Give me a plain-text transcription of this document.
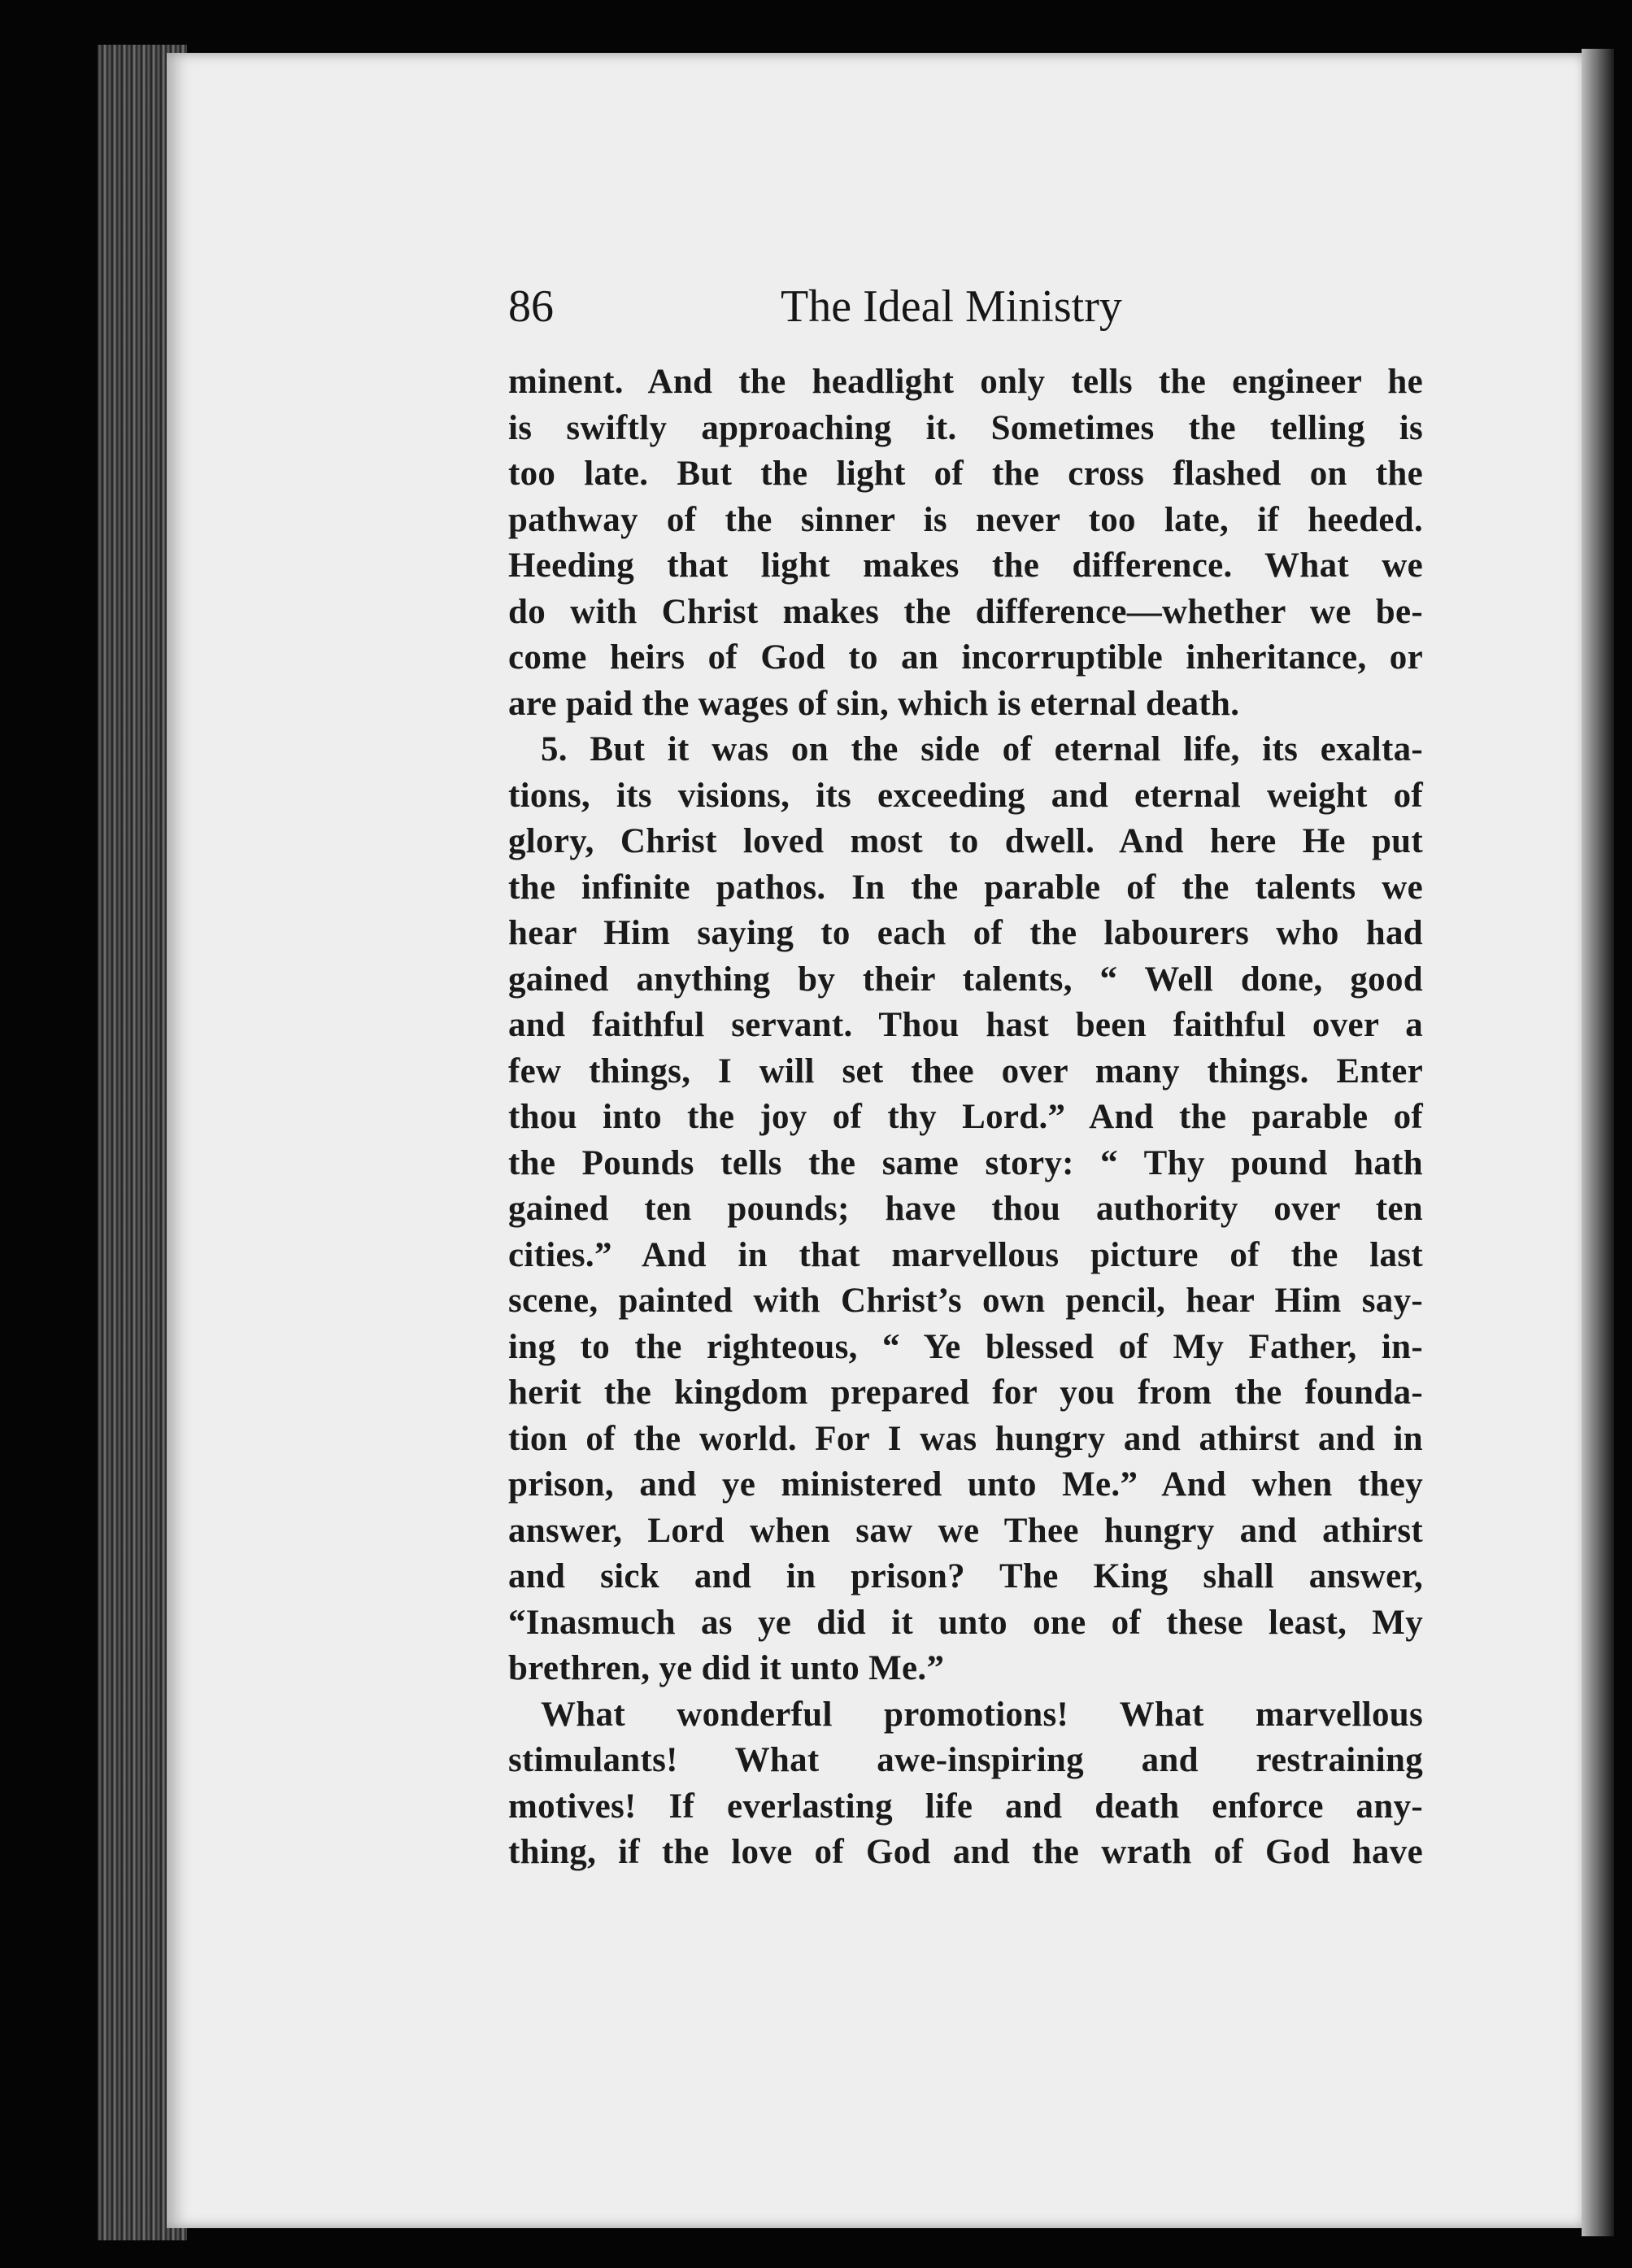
86	The Ideal Ministry
minent. And the headlight only tells the engineer he
is swiftly approaching it. Sometimes the telling is
too late. But the light of the cross flashed on the
pathway of the sinner is never too late, if heeded.
Heeding that light makes the difference. What we
do with Christ makes the difference—whether we be-
come heirs of God to an incorruptible inheritance, or
are paid the wages of sin, which is eternal death.
5. But it was on the side of eternal life, its exalta-
tions, its visions, its exceeding and eternal weight of
glory, Christ loved most to dwell. And here He put
the infinite pathos. In the parable of the talents we
hear Him saying to each of the labourers who had
gained anything by their talents, “ Well done, good
and faithful servant. Thou hast been faithful over a
few things, I will set thee over many things. Enter
thou into the joy of thy Lord.” And the parable of
the Pounds tells the same story: “ Thy pound hath
gained ten pounds; have thou authority over ten
cities.” And in that marvellous picture of the last
scene, painted with Christ’s own pencil, hear Him say-
ing to the righteous, “ Ye blessed of My Father, in-
herit the kingdom prepared for you from the founda-
tion of the world. For I was hungry and athirst and in
prison, and ye ministered unto Me.” And when they
answer, Lord when saw we Thee hungry and athirst
and sick and in prison? The King shall answer,
“Inasmuch as ye did it unto one of these least, My
brethren, ye did it unto Me.”
What wonderful promotions! What marvellous
stimulants! What awe-inspiring and restraining
motives! If everlasting life and death enforce any-
thing, if the love of God and the wrath of God have
